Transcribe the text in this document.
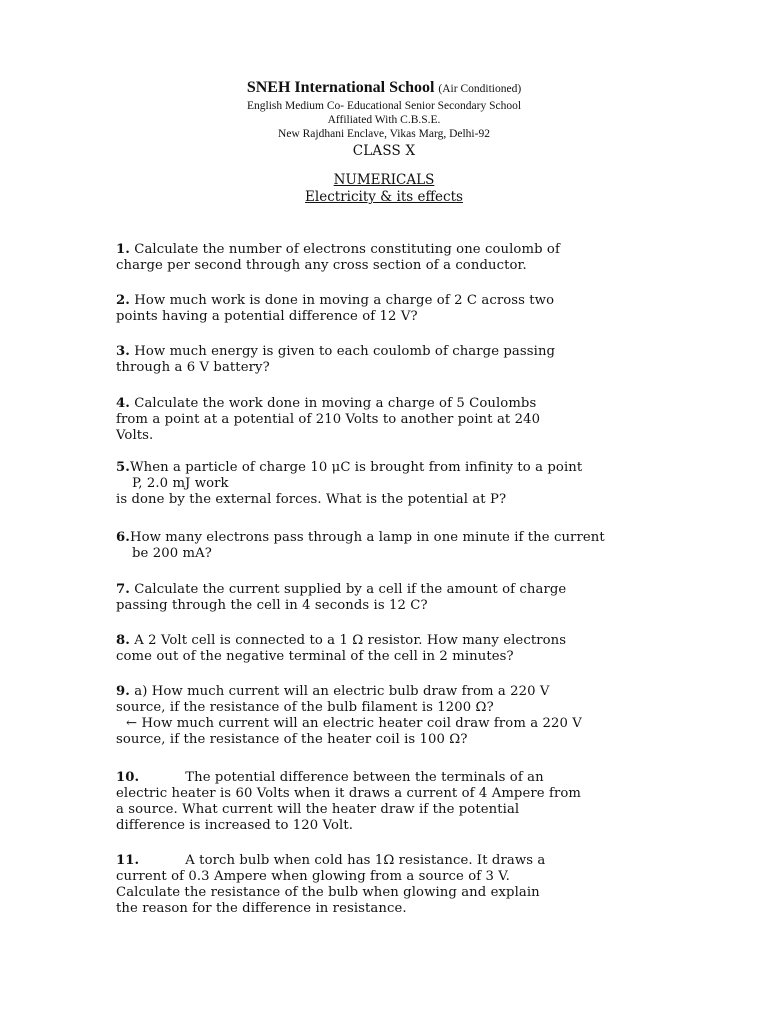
SNEH International School (Air Conditioned)
English Medium Co- Educational Senior Secondary School
Affiliated With C.B.S.E.
New Rajdhani Enclave, Vikas Marg, Delhi-92
CLASS X
NUMERICALS
Electricity & its effects
1. Calculate the number of electrons constituting one coulomb of
charge per second through any cross section of a conductor.
2. How much work is done in moving a charge of 2 C across two
points having a potential difference of 12 V?
3. How much energy is given to each coulomb of charge passing
through a 6 V battery?
4. Calculate the work done in moving a charge of 5 Coulombs
from a point at a potential of 210 Volts to another point at 240
Volts.
5.When a particle of charge 10 μC is brought from infinity to a point
P, 2.0 mJ work
is done by the external forces. What is the potential at P?
6.How many electrons pass through a lamp in one minute if the current
be 200 mA?
7. Calculate the current supplied by a cell if the amount of charge
passing through the cell in 4 seconds is 12 C?
8. A 2 Volt cell is connected to a 1 Ω resistor. How many electrons
come out of the negative terminal of the cell in 2 minutes?
9. a) How much current will an electric bulb draw from a 220 V
source, if the resistance of the bulb filament is 1200 Ω?
← How much current will an electric heater coil draw from a 220 V
source, if the resistance of the heater coil is 100 Ω?
10.	The potential difference between the terminals of an
electric heater is 60 Volts when it draws a current of 4 Ampere from
a source. What current will the heater draw if the potential
difference is increased to 120 Volt.
11.	A torch bulb when cold has 1Ω resistance. It draws a
current of 0.3 Ampere when glowing from a source of 3 V.
Calculate the resistance of the bulb when glowing and explain
the reason for the difference in resistance.
